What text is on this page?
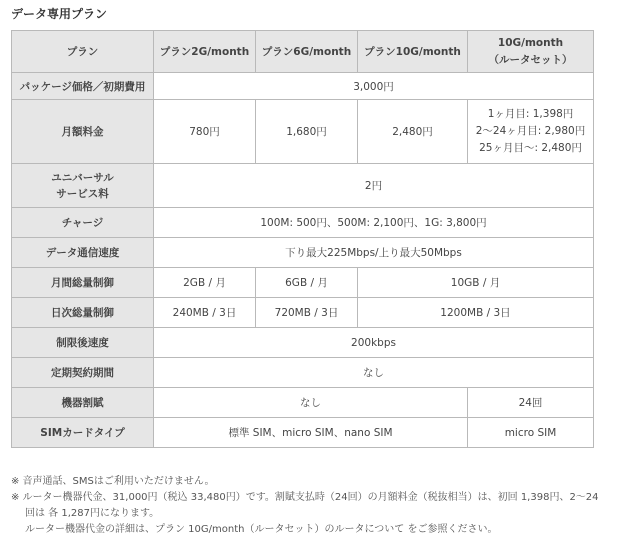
データ専用プラン
プラン	プラン2G/month	プラン6G/month	プラン10G/month	10G/month
（ルータセット）

パッケージ価格／初期費用	3,000円			
月額料金	780円	1,680円	2,480円	1ヶ月目: 1,398円
2〜24ヶ月目: 2,980円
25ヶ月目〜: 2,480円

ユニバーサル
サービス料	2円			
チャージ	100M: 500円、500M: 2,100円、1G: 3,800円			
データ通信速度	下り最大225Mbps/上り最大50Mbps			
月間総量制御	2GB / 月	6GB / 月	10GB / 月	
日次総量制御	240MB / 3日	720MB / 3日	1200MB / 3日	
制限後速度	200kbps			
定期契約期間	なし			
機器割賦	なし			24回
SIMカードタイプ	標準 SIM、micro SIM、nano SIM			micro SIM
※ 音声通話、SMSはご利用いただけません。
※ ルーター機器代金、31,000円（税込 33,480円）です。割賦支払時（24回）の月額料金（税抜相当）は、初回 1,398円、2〜24
回は 各 1,287円になります。
ルーター機器代金の詳細は、プラン 10G/month（ルータセット）のルータについて をご参照ください。
